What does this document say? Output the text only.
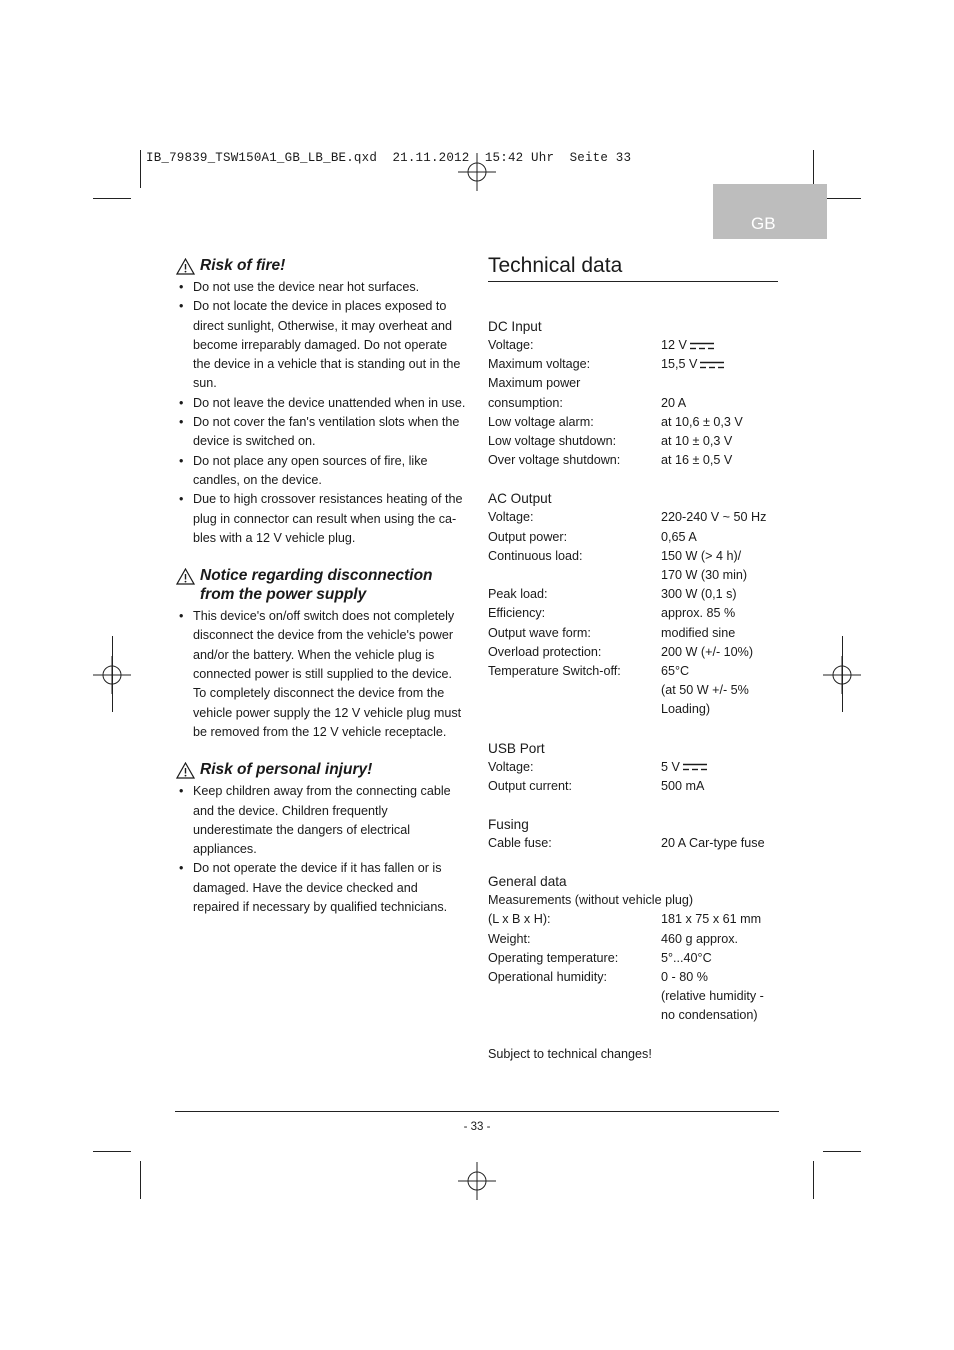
IB_79839_TSW150A1_GB_LB_BE.qxd  21.11.2012  15:42 Uhr  Seite 33
GB
Risk of fire!
• Do not use the device near hot surfaces.
• Do not locate the device in places exposed to direct sunlight, Otherwise, it may overheat and become irreparably damaged. Do not operate the device in a vehicle that is standing out in the sun.
• Do not leave the device unattended when in use.
• Do not cover the fan's ventilation slots when the device is switched on.
• Do not place any open sources of fire, like candles, on the device.
• Due to high crossover resistances heating of the plug in connector can result when using the ca-bles with a 12 V vehicle plug.
Notice regarding disconnection from the power supply
• This device's on/off switch does not completely disconnect the device from the vehicle's power and/or the battery. When the vehicle plug is connected power is still supplied to the device. To completely disconnect the device from the vehicle power supply the 12 V vehicle plug must be removed from the 12 V vehicle receptacle.
Risk of personal injury!
• Keep children away from the connecting cable and the device. Children frequently underestimate the dangers of electrical appliances.
• Do not operate the device if it has fallen or is damaged. Have the device checked and repaired if necessary by qualified technicians.
Technical data
DC Input
Voltage:	12 V
Maximum voltage:	15,5 V
Maximum power
consumption:	20 A
Low voltage alarm:	at 10,6 ± 0,3 V
Low voltage shutdown:	at 10 ± 0,3 V
Over voltage shutdown:	at 16 ± 0,5 V
AC Output
Voltage:	220-240 V ~ 50 Hz
Output power:	0,65 A
Continuous load:	150 W (> 4 h)/
170 W (30 min)
Peak load:	300 W (0,1 s)
Efficiency:	approx. 85 %
Output wave form:	modified sine
Overload protection:	200 W (+/- 10%)
Temperature Switch-off:	65°C
(at 50 W +/- 5%
Loading)
USB Port
Voltage:	5 V
Output current:	500 mA
Fusing
Cable fuse:	20 A Car-type fuse
General data
Measurements (without vehicle plug)
(L x B x H):	181 x 75 x 61 mm
Weight:	460 g approx.
Operating temperature:	5°...40°C
Operational humidity:	0 - 80 %
(relative humidity -
no condensation)
Subject to technical changes!
- 33 -
